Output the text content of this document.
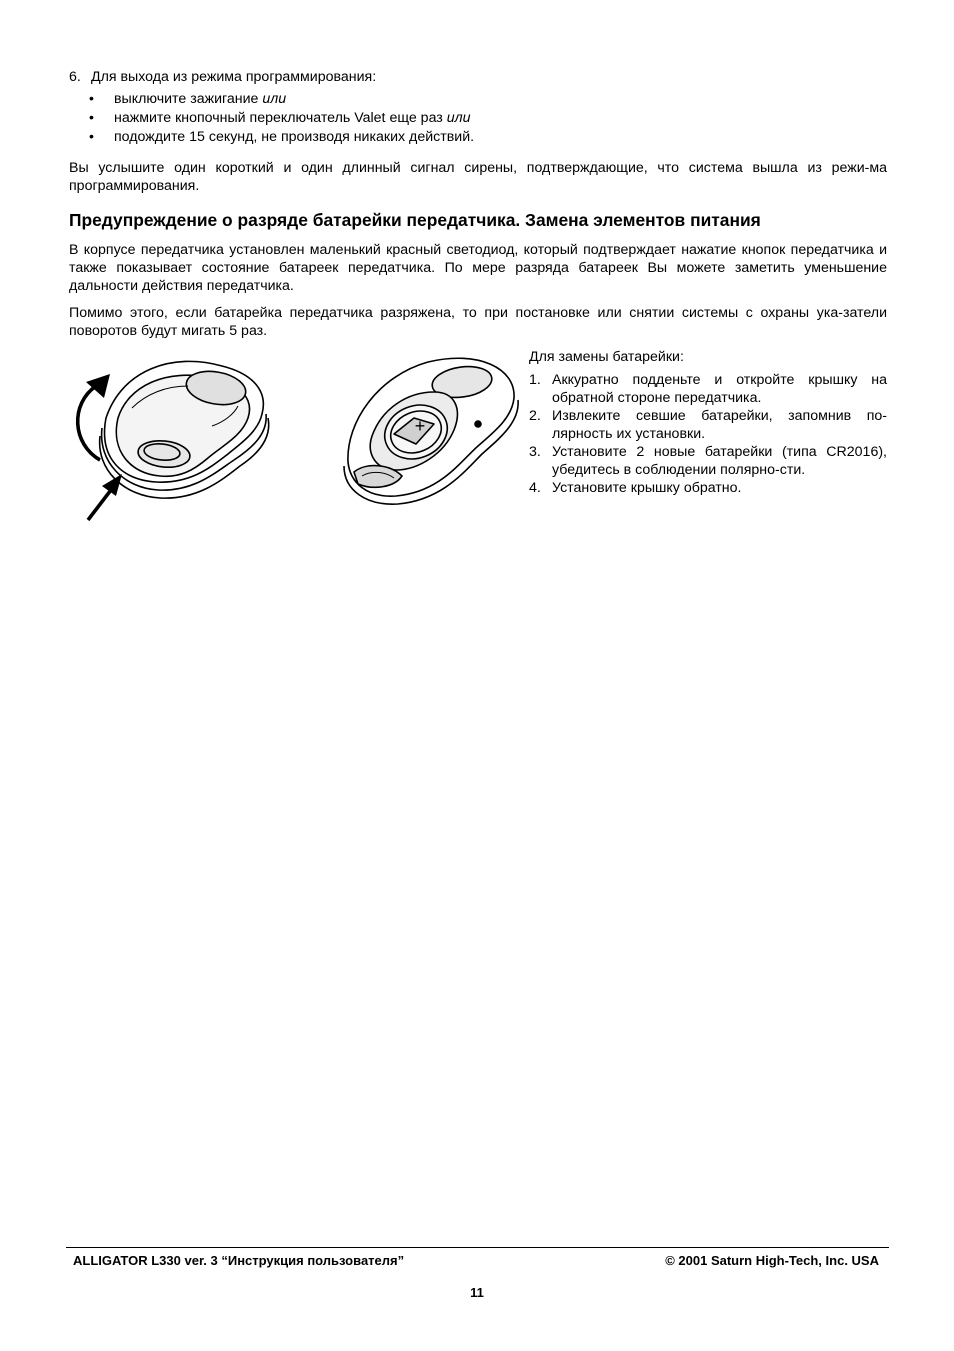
6. Для выхода из режима программирования:
• выключите зажигание или
• нажмите кнопочный переключатель Valet еще раз или
• подождите 15 секунд, не производя никаких действий.
Вы услышите один короткий и один длинный сигнал сирены, подтверждающие, что система вышла из режи-ма программирования.
Предупреждение о разряде батарейки передатчика. Замена элементов питания
В корпусе передатчика установлен маленький красный светодиод, который подтверждает нажатие кнопок передатчика и также показывает состояние батареек передатчика. По мере разряда батареек Вы можете заметить уменьшение дальности действия передатчика.
Помимо этого, если батарейка передатчика разряжена, то при постановке или снятии системы с охраны ука-затели поворотов будут мигать 5 раз.
+
Для замены батарейки:
1. Аккуратно подденьте и откройте крышку на обратной стороне передатчика.
2. Извлеките севшие батарейки, запомнив по-лярность их установки.
3. Установите 2 новые батарейки (типа CR2016), убедитесь в соблюдении полярно-сти.
4. Установите крышку обратно.
ALLIGATOR L330 ver. 3 “Инструкция пользователя”	© 2001 Saturn High-Tech, Inc. USA
11
